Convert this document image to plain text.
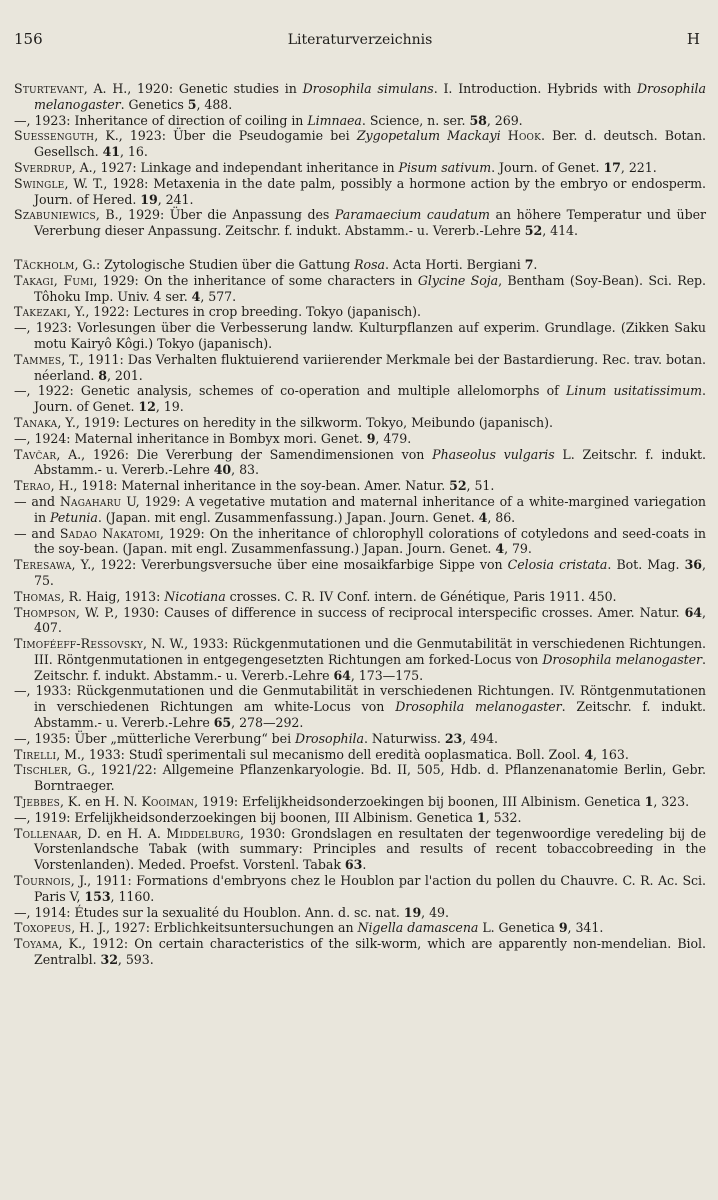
156	Literaturverzeichnis	H

Sturtevant, A. H., 1920: Genetic studies in Drosophila simulans. I. Introduction. Hybrids with Drosophila melanogaster. Genetics 5, 488.

—, 1923: Inheritance of direction of coiling in Limnaea. Science, n. ser. 58, 269.

Suessenguth, K., 1923: Über die Pseudogamie bei Zygopetalum Mackayi Hook. Ber. d. deutsch. Botan. Gesellsch. 41, 16.

Sverdrup, A., 1927: Linkage and independant inheritance in Pisum sativum. Journ. of Genet. 17, 221.

Swingle, W. T., 1928: Metaxenia in the date palm, possibly a hormone action by the embryo or endosperm. Journ. of Hered. 19, 241.

Szabuniewics, B., 1929: Über die Anpassung des Paramaecium caudatum an höhere Temperatur und über Vererbung dieser Anpassung. Zeitschr. f. indukt. Abstamm.- u. Vererb.-Lehre 52, 414.

Täckholm, G.: Zytologische Studien über die Gattung Rosa. Acta Horti. Bergiani 7.

Takagi, Fumi, 1929: On the inheritance of some characters in Glycine Soja, Bentham (Soy-Bean). Sci. Rep. Tôhoku Imp. Univ. 4 ser. 4, 577.

Takezaki, Y., 1922: Lectures in crop breeding. Tokyo (japanisch).

—, 1923: Vorlesungen über die Verbesserung landw. Kulturpflanzen auf experim. Grundlage. (Zikken Saku motu Kairyô Kôgi.) Tokyo (japanisch).

Tammes, T., 1911: Das Verhalten fluktuierend variierender Merkmale bei der Bastardierung. Rec. trav. botan. néerland. 8, 201.

—, 1922: Genetic analysis, schemes of co-operation and multiple allelomorphs of Linum usitatissimum. Journ. of Genet. 12, 19.

Tanaka, Y., 1919: Lectures on heredity in the silkworm. Tokyo, Meibundo (japanisch).

—, 1924: Maternal inheritance in Bombyx mori. Genet. 9, 479.

Tavčar, A., 1926: Die Vererbung der Samendimensionen von Phaseolus vulgaris L. Zeitschr. f. indukt. Abstamm.- u. Vererb.-Lehre 40, 83.

Terao, H., 1918: Maternal inheritance in the soy-bean. Amer. Natur. 52, 51.

— and Nagaharu U, 1929: A vegetative mutation and maternal inheritance of a white-margined variegation in Petunia. (Japan. mit engl. Zusammenfassung.) Japan. Journ. Genet. 4, 86.

— and Sadao Nakatomi, 1929: On the inheritance of chlorophyll colorations of cotyledons and seed-coats in the soy-bean. (Japan. mit engl. Zusammenfassung.) Japan. Journ. Genet. 4, 79.

Teresawa, Y., 1922: Vererbungsversuche über eine mosaikfarbige Sippe von Celosia cristata. Bot. Mag. 36, 75.

Thomas, R. Haig, 1913: Nicotiana crosses. C. R. IV Conf. intern. de Génétique, Paris 1911. 450.

Thompson, W. P., 1930: Causes of difference in success of reciprocal interspecific crosses. Amer. Natur. 64, 407.

Timoféeff-Ressovsky, N. W., 1933: Rückgenmutationen und die Genmutabilität in verschiedenen Richtungen. III. Röntgenmutationen in entgegengesetzten Richtungen am forked-Locus von Drosophila melanogaster. Zeitschr. f. indukt. Abstamm.- u. Vererb.-Lehre 64, 173—175.

—, 1933: Rückgenmutationen und die Genmutabilität in verschiedenen Richtungen. IV. Röntgenmutationen in verschiedenen Richtungen am white-Locus von Drosophila melanogaster. Zeitschr. f. indukt. Abstamm.- u. Vererb.-Lehre 65, 278—292.

—, 1935: Über „mütterliche Vererbung“ bei Drosophila. Naturwiss. 23, 494.

Tirelli, M., 1933: Studî sperimentali sul mecanismo dell eredità ooplasmatica. Boll. Zool. 4, 163.

Tischler, G., 1921/22: Allgemeine Pflanzenkaryologie. Bd. II, 505, Hdb. d. Pflanzenanatomie Berlin, Gebr. Borntraeger.

Tjebbes, K. en H. N. Kooiman, 1919: Erfelijkheidsonderzoekingen bij boonen, III Albinism. Genetica 1, 323.

—, 1919: Erfelijkheidsonderzoekingen bij boonen, III Albinism. Genetica 1, 532.

Tollenaar, D. en H. A. Middelburg, 1930: Grondslagen en resultaten der tegenwoordige veredeling bij de Vorstenlandsche Tabak (with summary: Principles and results of recent tobaccobreeding in the Vorstenlanden). Meded. Proefst. Vorstenl. Tabak 63.

Tournois, J., 1911: Formations d'embryons chez le Houblon par l'action du pollen du Chauvre. C. R. Ac. Sci. Paris V, 153, 1160.

—, 1914: Études sur la sexualité du Houblon. Ann. d. sc. nat. 19, 49.

Toxopeus, H. J., 1927: Erblichkeitsuntersuchungen an Nigella damascena L. Genetica 9, 341.

Toyama, K., 1912: On certain characteristics of the silk-worm, which are apparently non-mendelian. Biol. Zentralbl. 32, 593.
